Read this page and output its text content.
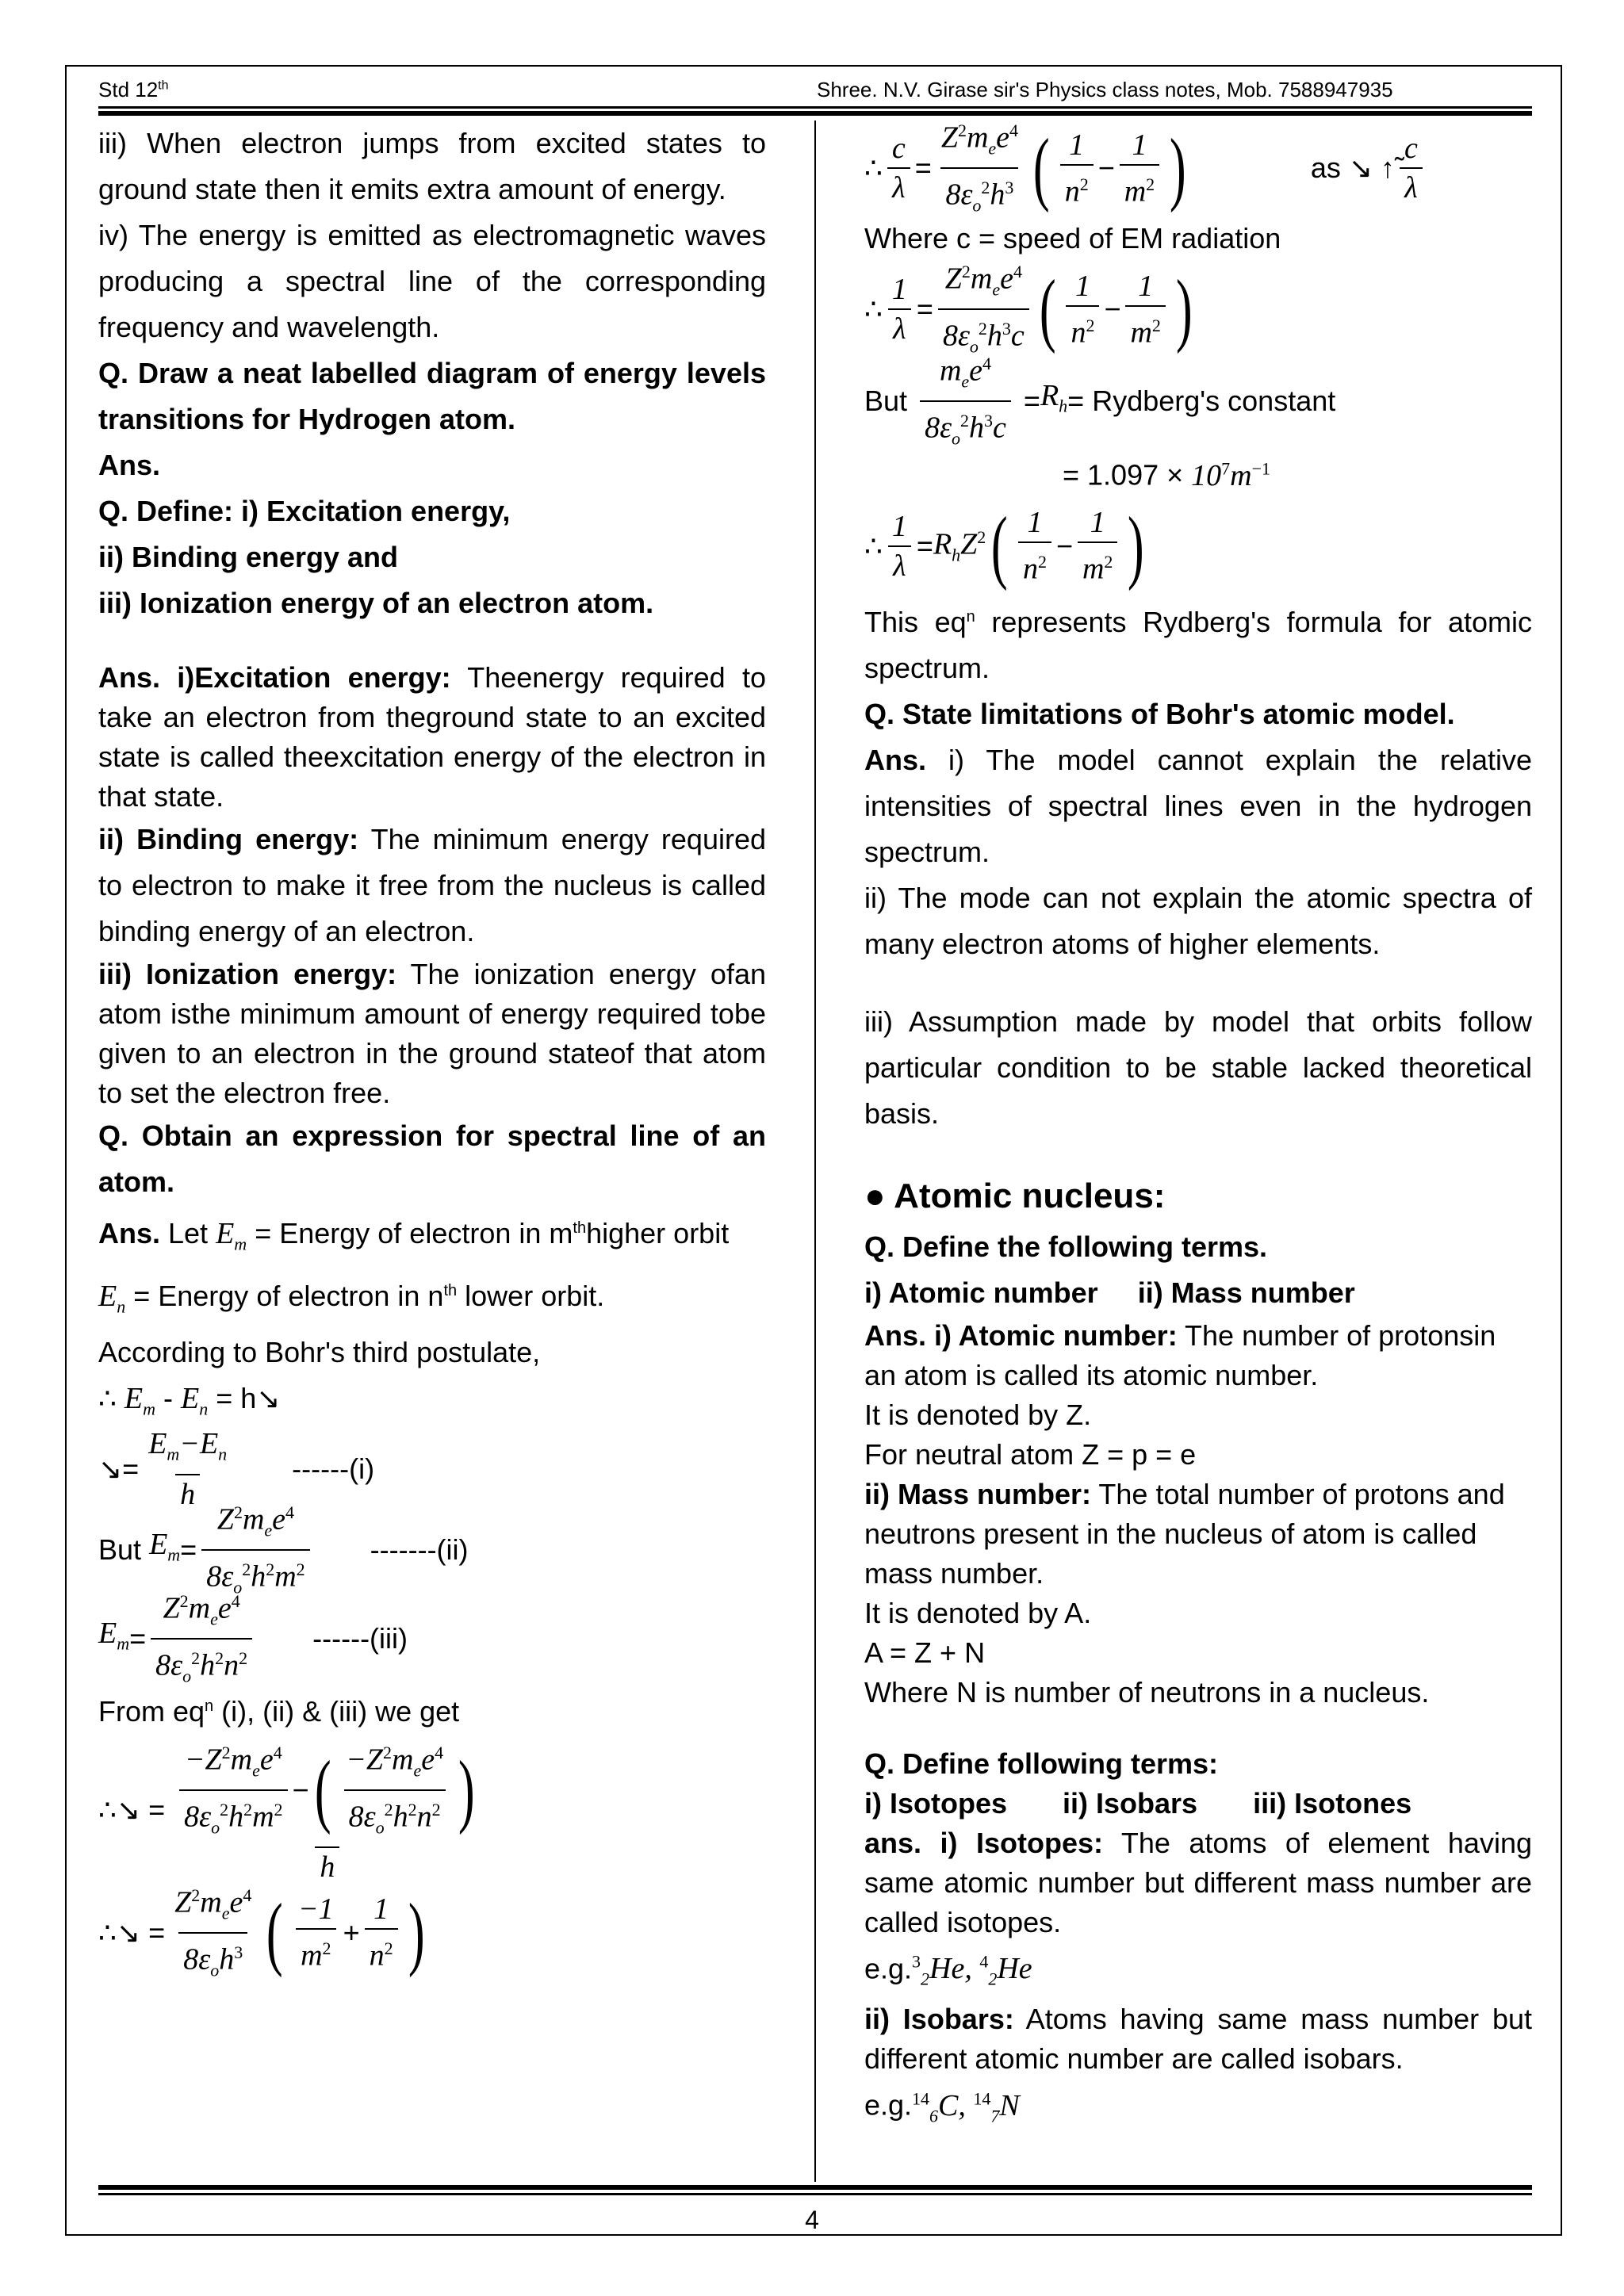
Std 12th	Shree. N.V. Girase sir's Physics class notes, Mob. 7588947935

iii) When electron jumps from excited states to ground state then it emits extra amount of energy.

iv) The energy is emitted as electromagnetic waves producing a spectral line of the corresponding frequency and wavelength.

Q. Draw a neat labelled diagram of energy levels transitions for Hydrogen atom.

Ans.

Q. Define: i) Excitation energy,

ii) Binding energy and

iii) Ionization energy of an electron atom.

Ans. i)Excitation energy: Theenergy required to take an electron from theground state to an excited state is called theexcitation energy of the electron in that state.

ii) Binding energy: The minimum energy required to electron to make it free from the nucleus is called binding energy of an electron.

iii) Ionization energy: The ionization energy ofan atom isthe minimum amount of energy required tobe given to an electron in the ground stateof that atom to set the electron free.

Q. Obtain an expression for spectral line of an atom.

Ans. Let $E_m$ = Energy of electron in $m^{th}higher$ orbit

$E_n$ = Energy of electron in $n^{th}$ lower orbit.

According to Bohr's third postulate,

∴ $E_m - E_n$ = h↘

↘= $\frac{E_m-E_n}{h} ------(i)$
But
$E_m = \frac{Z^2m_ee^4}{8\varepsilon_o^2h^2m^2} -------(ii)$
$E_m = \frac{Z^2m_ee^4}{8\varepsilon_o^2h^2n^2} ------(iii)$

From $eq^n$ (i), (ii) & (iii) we get

∴↘ = $\frac{\frac{-Z^2m_ee^4}{8\varepsilon_o^2h^2m^2} - ( \frac{-Z^2m_ee^4}{8\varepsilon_o^2h^2n^2} )}{h}$
∴↘ = $\frac{Z^2m_ee^4}{8\varepsilon_oh^3}$ ( $\frac{-1}{m^2} + \frac{1}{n^2}$ )
∴ $\frac{c}{\lambda} = \frac{Z^2m_ee^4}{8\varepsilon_o^2h^3}$ ( $\frac{1}{n^2} - \frac{1}{m^2}$ )	as ↘ ↑̃ $\frac{c}{\lambda}$

Where c = speed of EM radiation

∴ $\frac{1}{\lambda} = \frac{Z^2m_ee^4}{8\varepsilon_o^2h^3c}$ ( $\frac{1}{n^2} - \frac{1}{m^2}$ )
But
$\frac{m_ee^4}{8\varepsilon_o^2h^3c} = R_h$ = Rydberg's constant

= $1.097 \times 10^7m^{-1}$

∴ $\frac{1}{\lambda} = R_hZ^2$ ( $\frac{1}{n^2} - \frac{1}{m^2}$ )

This $eq^n$ represents Rydberg's formula for atomic spectrum.

Q. State limitations of Bohr's atomic model.

Ans. i) The model cannot explain the relative intensities of spectral lines even in the hydrogen spectrum.

ii) The mode can not explain the atomic spectra of many electron atoms of higher elements.

iii) Assumption made by model that orbits follow particular condition to be stable lacked theoretical basis.

● Atomic nucleus:

Q. Define the following terms.

i) Atomic number     ii) Mass number

Ans. i) Atomic number: The number of protonsin an atom is called its atomic number.

It is denoted by Z.

For neutral atom Z = p = e

ii) Mass number: The total number of protons and neutrons present in the nucleus of atom is called mass number.

It is denoted by A.

A = Z + N

Where N is number of neutrons in a nucleus.

Q. Define following terms:

i) Isotopes       ii) Isobars       iii) Isotones

ans. i) Isotopes: The atoms of element having same atomic number but different mass number are called isotopes.

e.g.$^3_2$He, $^4_2$He

ii) Isobars: Atoms having same mass number but different atomic number are called isobars.

e.g.$^{14}_6$C, $^{14}_7$N

4
